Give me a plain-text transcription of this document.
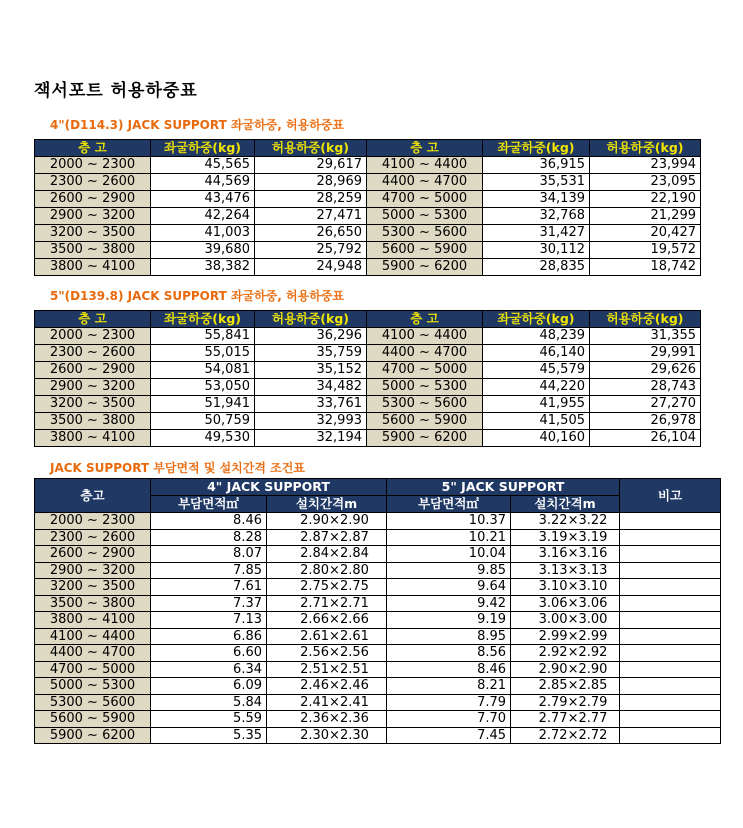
잭서포트 허용하중표
4"(D114.3) JACK SUPPORT 좌굴하중, 허용하중표
층 고	좌굴하중(kg)	허용하중(kg)	층 고	좌굴하중(kg)	허용하중(kg)
2000 ~ 2300	45,565	29,617	4100 ~ 4400	36,915	23,994
2300 ~ 2600	44,569	28,969	4400 ~ 4700	35,531	23,095
2600 ~ 2900	43,476	28,259	4700 ~ 5000	34,139	22,190
2900 ~ 3200	42,264	27,471	5000 ~ 5300	32,768	21,299
3200 ~ 3500	41,003	26,650	5300 ~ 5600	31,427	20,427
3500 ~ 3800	39,680	25,792	5600 ~ 5900	30,112	19,572
3800 ~ 4100	38,382	24,948	5900 ~ 6200	28,835	18,742
5"(D139.8) JACK SUPPORT 좌굴하중, 허용하중표
층 고	좌굴하중(kg)	허용하중(kg)	층 고	좌굴하중(kg)	허용하중(kg)
2000 ~ 2300	55,841	36,296	4100 ~ 4400	48,239	31,355
2300 ~ 2600	55,015	35,759	4400 ~ 4700	46,140	29,991
2600 ~ 2900	54,081	35,152	4700 ~ 5000	45,579	29,626
2900 ~ 3200	53,050	34,482	5000 ~ 5300	44,220	28,743
3200 ~ 3500	51,941	33,761	5300 ~ 5600	41,955	27,270
3500 ~ 3800	50,759	32,993	5600 ~ 5900	41,505	26,978
3800 ~ 4100	49,530	32,194	5900 ~ 6200	40,160	26,104
JACK SUPPORT 부담면적 및 설치간격 조건표
층고	4" JACK SUPPORT		5" JACK SUPPORT		비고
	부담면적㎡	설치간격m	부담면적㎡	설치간격m	
2000 ~ 2300	8.46	2.90×2.90	10.37	3.22×3.22	
2300 ~ 2600	8.28	2.87×2.87	10.21	3.19×3.19	
2600 ~ 2900	8.07	2.84×2.84	10.04	3.16×3.16	
2900 ~ 3200	7.85	2.80×2.80	9.85	3.13×3.13	
3200 ~ 3500	7.61	2.75×2.75	9.64	3.10×3.10	
3500 ~ 3800	7.37	2.71×2.71	9.42	3.06×3.06	
3800 ~ 4100	7.13	2.66×2.66	9.19	3.00×3.00	
4100 ~ 4400	6.86	2.61×2.61	8.95	2.99×2.99	
4400 ~ 4700	6.60	2.56×2.56	8.56	2.92×2.92	
4700 ~ 5000	6.34	2.51×2.51	8.46	2.90×2.90	
5000 ~ 5300	6.09	2.46×2.46	8.21	2.85×2.85	
5300 ~ 5600	5.84	2.41×2.41	7.79	2.79×2.79	
5600 ~ 5900	5.59	2.36×2.36	7.70	2.77×2.77	
5900 ~ 6200	5.35	2.30×2.30	7.45	2.72×2.72	
